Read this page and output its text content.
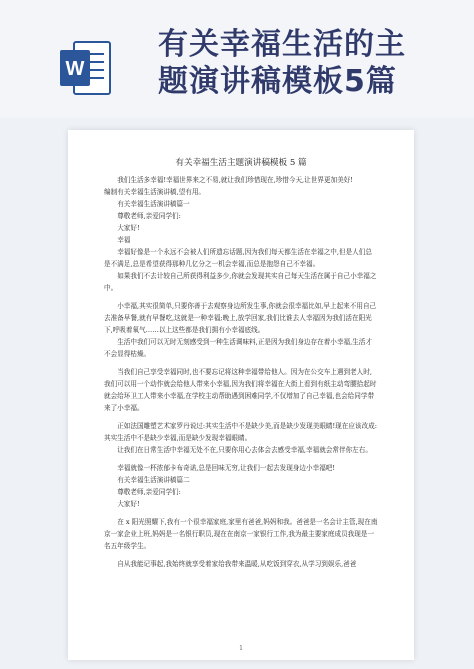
W
有关幸福生活的主
题演讲稿模板5篇
有关幸福生活主题演讲稿模板 5 篇

我们生活多幸福!幸福世界来之不易,就让我们珍惜现在,珍惜今天,让世界更加美好!

编制有关幸福生活演讲稿,望有用。

有关幸福生活演讲稿篇一

尊敬老师,亲爱同学们:

大家好!

幸福

幸福好像是一个永远不会被人们所遗忘话题,因为我们每天都生活在幸福之中,但是人们总是不满足,总是希望获得那种几亿分之一机会幸福,而总是抱怨自己不幸福。

如果我们不去计较自己所获得利益多少,你就会发现其实自己每天生活在属于自己小幸福之中。

小幸福,其实很简单,只要你善于去观察身边所发生事,你就会很幸福比如,早上起来不用自己去准备早餐,就有早餐吃,这就是一种幸福;晚上,放学回家,我们比谁去人幸福因为我们活在阳光下,呼吸着氧气……以上这些都是我们拥有小幸福底线。

生活中我们可以无时无刻感受到一种生活调味料,正是因为我们身边存在着小幸福,生活才不会显得枯燥。

当我们自己享受幸福同时,也不要忘记将这种幸福带给他人。因为在公交车上遇到老人时,我们可以用一个动作就会给他人带来小幸福,因为我们将幸福在大街上看到有纸主动弯腰拾起时就会给环卫工人带来小幸福,在学校主动帮助遇到困难同学,不仅增加了自己幸福,也会给同学带来了小幸福。

正如法国雕塑艺术家罗丹说过:其实生活中不是缺少美,而是缺少发现美眼睛!现在应该改成:其实生活中不是缺少幸福,而是缺少发现幸福眼睛。

让我们在日常生活中幸福无处不在,只要你用心去体会去感受幸福,幸福就会常伴你左右。

幸福就像一杯浓郁卡布奇诺,总是回味无穷,让我们一起去发现身边小幸福吧!

有关幸福生活演讲稿篇二

尊敬老师,亲爱同学们:

大家好!

在 x 阳光照耀下,我有一个很幸福家庭,家里有爸爸,妈妈和我。爸爸是一名会计主管,现在南京一家企业上班,妈妈是一名银行职员,现在在南京一家银行工作,我为最主要家庭成员我现是一名五年级学生。

自从我能记事起,我始终就享受着家给我带来温暖,从吃饭到穿衣,从学习到娱乐,爸爸

1
